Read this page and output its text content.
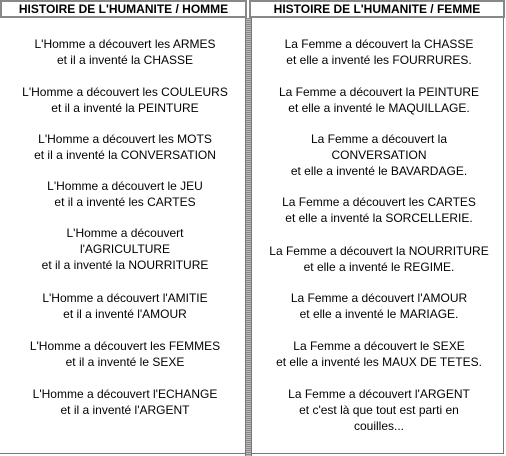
HISTOIRE DE L'HUMANITE / HOMME	HISTOIRE DE L'HUMANITE / FEMME
L'Homme a découvert les ARMES
et il a inventé la CHASSE
L'Homme a découvert les COULEURS
et il a inventé la PEINTURE
L'Homme a découvert les MOTS
et il a inventé la CONVERSATION
L'Homme a découvert le JEU
et il a inventé les CARTES
L'Homme a découvert
l'AGRICULTURE
et il a inventé la NOURRITURE
L'Homme a découvert l'AMITIE
et il a inventé l'AMOUR
L'Homme a découvert les FEMMES
et il a inventé le SEXE
L'Homme a découvert l'ECHANGE
et il a inventé l'ARGENT
La Femme a découvert la CHASSE
et elle a inventé les FOURRURES.
La Femme a découvert la PEINTURE
et elle a inventé le MAQUILLAGE.
La Femme a découvert la
CONVERSATION
et elle a inventé le BAVARDAGE.
La Femme a découvert les CARTES
et elle a inventé la SORCELLERIE.
La Femme a découvert la NOURRITURE
et elle a inventé le REGIME.
La Femme a découvert l'AMOUR
et elle a inventé le MARIAGE.
La Femme a découvert le SEXE
et elle a inventé les MAUX DE TETES.
La Femme a découvert l'ARGENT
et c'est là que tout est parti en
couilles...
